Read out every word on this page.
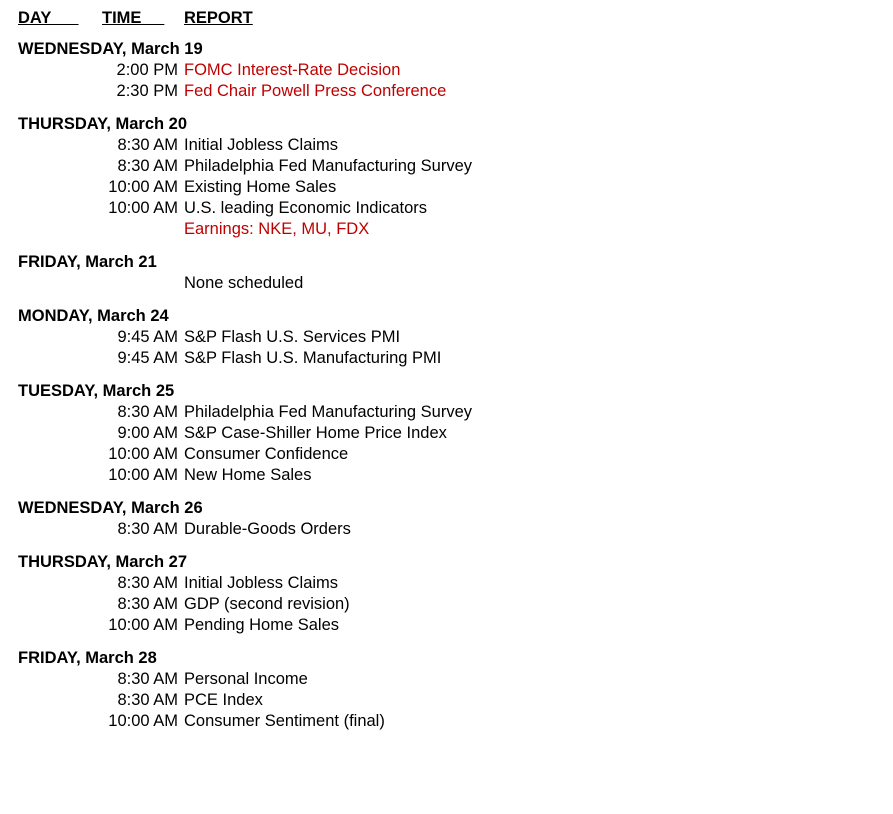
DAY TIME REPORT
WEDNESDAY, March 19
2:00 PM FOMC Interest-Rate Decision
2:30 PM Fed Chair Powell Press Conference
THURSDAY, March 20
8:30 AM Initial Jobless Claims
8:30 AM Philadelphia Fed Manufacturing Survey
10:00 AM Existing Home Sales
10:00 AM U.S. leading Economic Indicators
Earnings: NKE, MU, FDX
FRIDAY, March 21
None scheduled
MONDAY, March 24
9:45 AM S&P Flash U.S. Services PMI
9:45 AM S&P Flash U.S. Manufacturing PMI
TUESDAY, March 25
8:30 AM Philadelphia Fed Manufacturing Survey
9:00 AM S&P Case-Shiller Home Price Index
10:00 AM Consumer Confidence
10:00 AM New Home Sales
WEDNESDAY, March 26
8:30 AM Durable-Goods Orders
THURSDAY, March 27
8:30 AM Initial Jobless Claims
8:30 AM GDP (second revision)
10:00 AM Pending Home Sales
FRIDAY, March 28
8:30 AM Personal Income
8:30 AM PCE Index
10:00 AM Consumer Sentiment (final)
